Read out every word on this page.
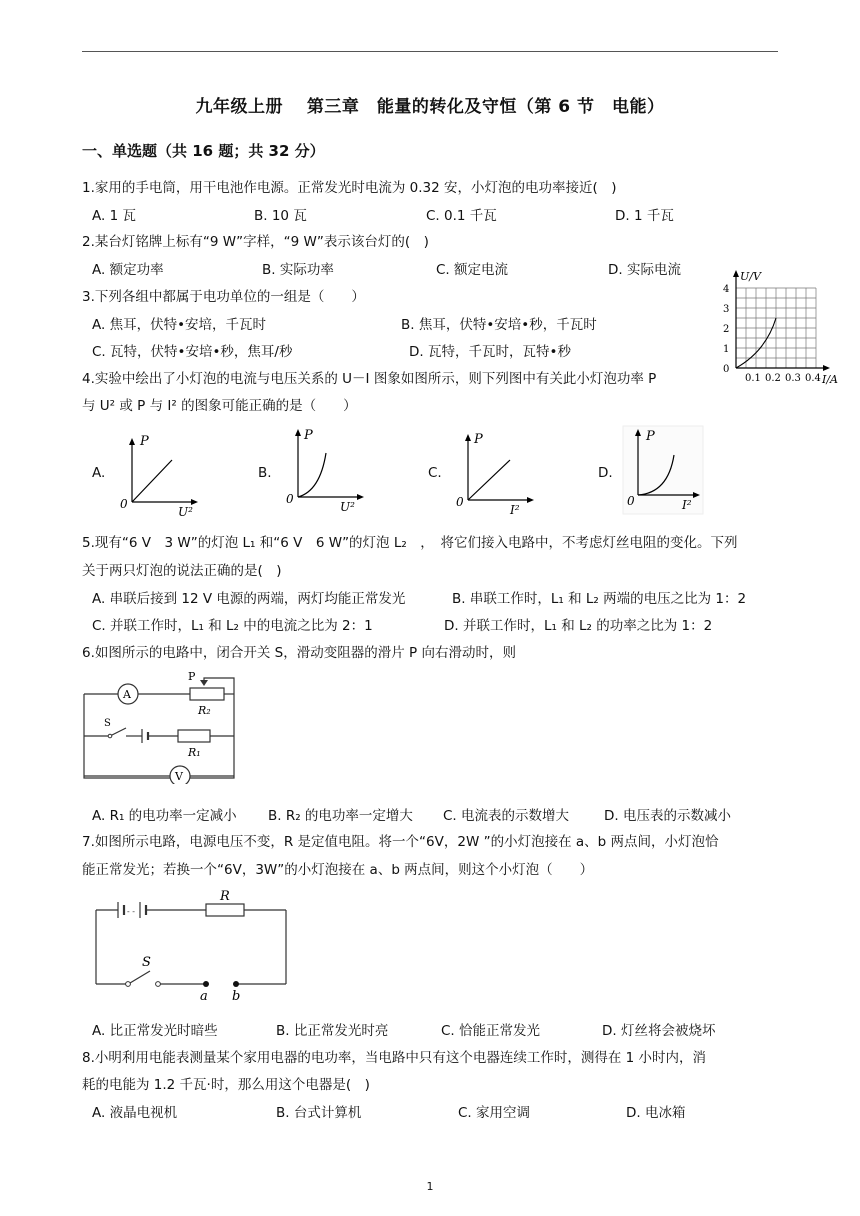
九年级上册　 第三章　能量的转化及守恒（第 6 节　电能）
一、单选题（共 16 题；共 32 分）
1.家用的手电筒，用干电池作电源。正常发光时电流为 0.32 安，小灯泡的电功率接近(　)
A. 1 瓦	B. 10 瓦	C. 0.1 千瓦	D. 1 千瓦
2.某台灯铭牌上标有“9 W”字样，“9 W”表示该台灯的(　)
A. 额定功率	B. 实际功率	C. 额定电流	D. 实际电流
3.下列各组中都属于电功单位的一组是（　　）
A. 焦耳，伏特•安培，千瓦时	B. 焦耳，伏特•安培•秒，千瓦时
C. 瓦特，伏特•安培•秒，焦耳/秒	D. 瓦特，千瓦时，瓦特•秒
U/V
I/A
4
3
2
1
0
0.1 0.2 0.3 0.4
4.实验中绘出了小灯泡的电流与电压关系的 U－I 图象如图所示，则下列图中有关此小灯泡功率 P
与 U² 或 P 与 I² 的图象可能正确的是（　　）
A.
P
0
U²
B.
P
0
U²
C.
P
0
I²
D.
P
0	I²
5.现有“6 V　3 W”的灯泡 L₁ 和“6 V　6 W”的灯泡 L₂　，　将它们接入电路中，不考虑灯丝电阻的变化。下列
关于两只灯泡的说法正确的是(　)
A. 串联后接到 12 V 电源的两端，两灯均能正常发光	B. 串联工作时，L₁ 和 L₂ 两端的电压之比为 1：2
C. 并联工作时，L₁ 和 L₂ 中的电流之比为 2：1	D. 并联工作时，L₁ 和 L₂ 的功率之比为 1：2
6.如图所示的电路中，闭合开关 S，滑动变阻器的滑片 P 向右滑动时，则
A
V
S
P
R₂
R₁
A. R₁ 的电功率一定减小 B. R₂ 的电功率一定增大 C. 电流表的示数增大	D. 电压表的示数减小
7.如图所示电路，电源电压不变，R 是定值电阻。将一个“6V，2W ”的小灯泡接在 a、b 两点间，小灯泡恰
能正常发光；若换一个“6V，3W”的小灯泡接在 a、b 两点间，则这个小灯泡（　　）
- -
R
S
a b
A. 比正常发光时暗些	B. 比正常发光时亮	C. 恰能正常发光	D. 灯丝将会被烧坏
8.小明利用电能表测量某个家用电器的电功率，当电路中只有这个电器连续工作时，测得在 1 小时内，消
耗的电能为 1.2 千瓦·时，那么用这个电器是(　)
A. 液晶电视机	B. 台式计算机	C. 家用空调	D. 电冰箱
1
